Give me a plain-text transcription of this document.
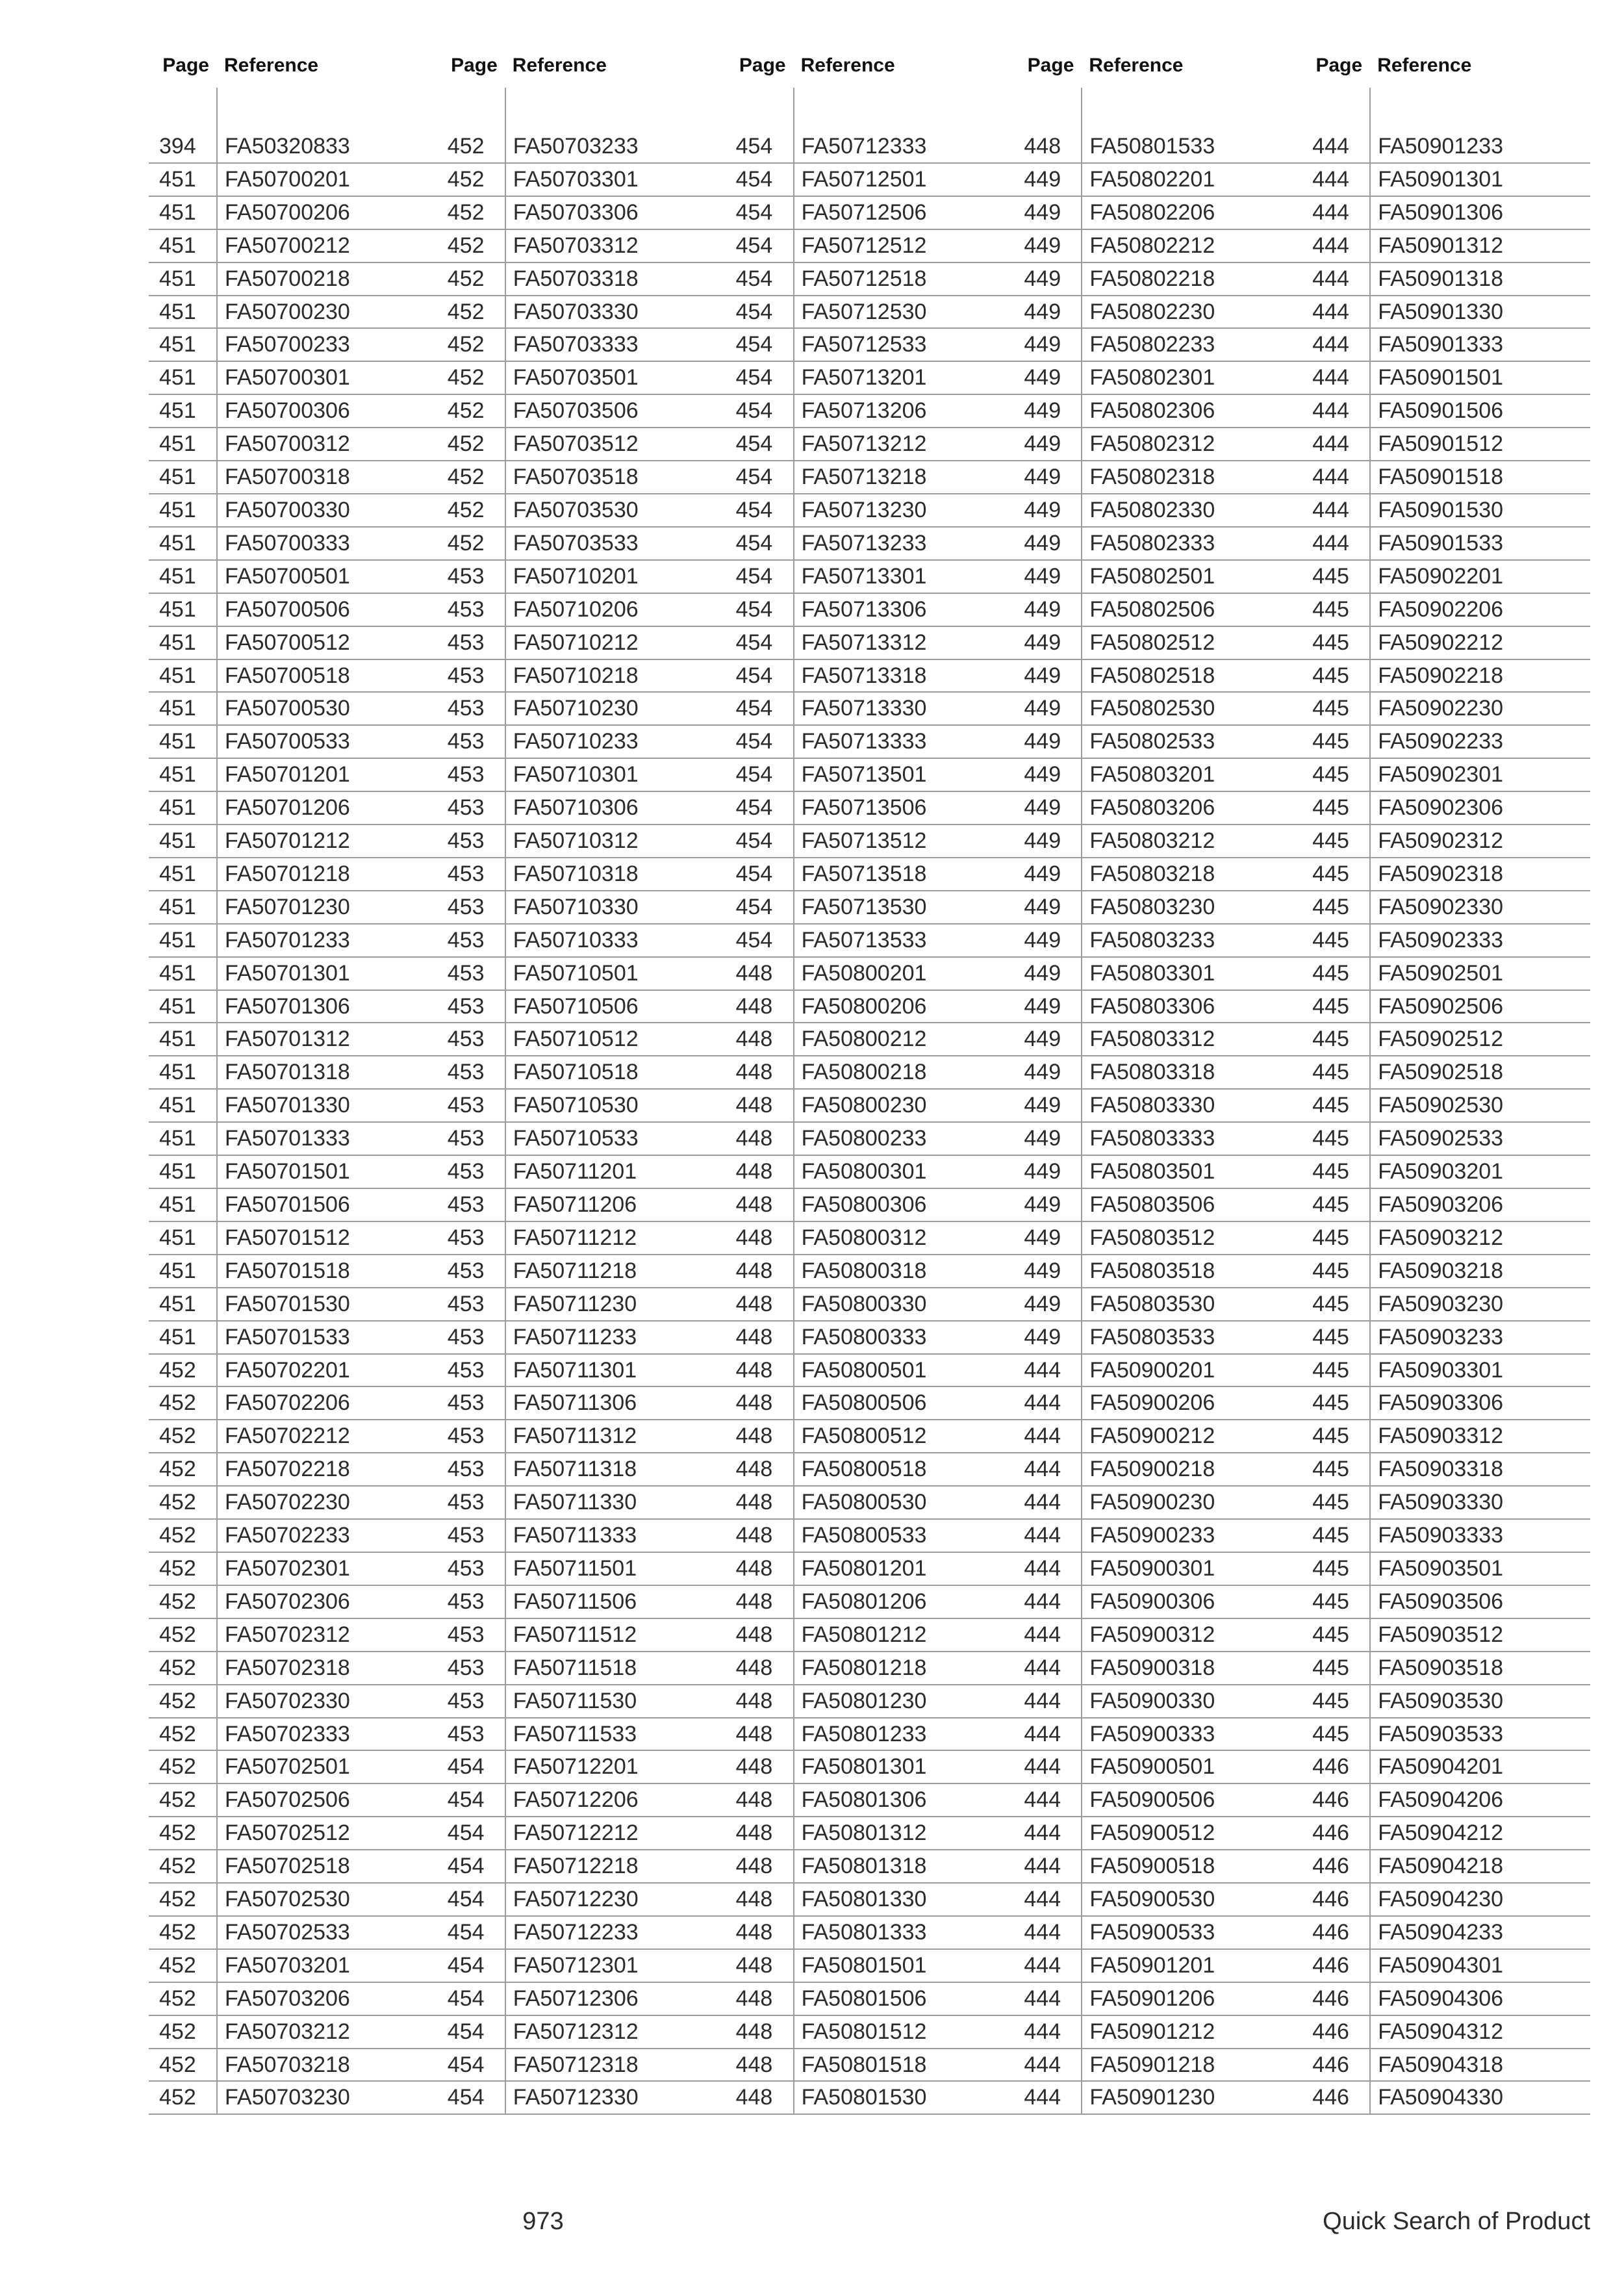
Page Reference
394 FA50320833
451 FA50700201
451 FA50700206
451 FA50700212
451 FA50700218
451 FA50700230
451 FA50700233
451 FA50700301
451 FA50700306
451 FA50700312
451 FA50700318
451 FA50700330
451 FA50700333
451 FA50700501
451 FA50700506
451 FA50700512
451 FA50700518
451 FA50700530
451 FA50700533
451 FA50701201
451 FA50701206
451 FA50701212
451 FA50701218
451 FA50701230
451 FA50701233
451 FA50701301
451 FA50701306
451 FA50701312
451 FA50701318
451 FA50701330
451 FA50701333
451 FA50701501
451 FA50701506
451 FA50701512
451 FA50701518
451 FA50701530
451 FA50701533
452 FA50702201
452 FA50702206
452 FA50702212
452 FA50702218
452 FA50702230
452 FA50702233
452 FA50702301
452 FA50702306
452 FA50702312
452 FA50702318
452 FA50702330
452 FA50702333
452 FA50702501
452 FA50702506
452 FA50702512
452 FA50702518
452 FA50702530
452 FA50702533
452 FA50703201
452 FA50703206
452 FA50703212
452 FA50703218
452 FA50703230
Page Reference
452 FA50703233
452 FA50703301
452 FA50703306
452 FA50703312
452 FA50703318
452 FA50703330
452 FA50703333
452 FA50703501
452 FA50703506
452 FA50703512
452 FA50703518
452 FA50703530
452 FA50703533
453 FA50710201
453 FA50710206
453 FA50710212
453 FA50710218
453 FA50710230
453 FA50710233
453 FA50710301
453 FA50710306
453 FA50710312
453 FA50710318
453 FA50710330
453 FA50710333
453 FA50710501
453 FA50710506
453 FA50710512
453 FA50710518
453 FA50710530
453 FA50710533
453 FA50711201
453 FA50711206
453 FA50711212
453 FA50711218
453 FA50711230
453 FA50711233
453 FA50711301
453 FA50711306
453 FA50711312
453 FA50711318
453 FA50711330
453 FA50711333
453 FA50711501
453 FA50711506
453 FA50711512
453 FA50711518
453 FA50711530
453 FA50711533
454 FA50712201
454 FA50712206
454 FA50712212
454 FA50712218
454 FA50712230
454 FA50712233
454 FA50712301
454 FA50712306
454 FA50712312
454 FA50712318
454 FA50712330
Page Reference
454 FA50712333
454 FA50712501
454 FA50712506
454 FA50712512
454 FA50712518
454 FA50712530
454 FA50712533
454 FA50713201
454 FA50713206
454 FA50713212
454 FA50713218
454 FA50713230
454 FA50713233
454 FA50713301
454 FA50713306
454 FA50713312
454 FA50713318
454 FA50713330
454 FA50713333
454 FA50713501
454 FA50713506
454 FA50713512
454 FA50713518
454 FA50713530
454 FA50713533
448 FA50800201
448 FA50800206
448 FA50800212
448 FA50800218
448 FA50800230
448 FA50800233
448 FA50800301
448 FA50800306
448 FA50800312
448 FA50800318
448 FA50800330
448 FA50800333
448 FA50800501
448 FA50800506
448 FA50800512
448 FA50800518
448 FA50800530
448 FA50800533
448 FA50801201
448 FA50801206
448 FA50801212
448 FA50801218
448 FA50801230
448 FA50801233
448 FA50801301
448 FA50801306
448 FA50801312
448 FA50801318
448 FA50801330
448 FA50801333
448 FA50801501
448 FA50801506
448 FA50801512
448 FA50801518
448 FA50801530
Page Reference
448 FA50801533
449 FA50802201
449 FA50802206
449 FA50802212
449 FA50802218
449 FA50802230
449 FA50802233
449 FA50802301
449 FA50802306
449 FA50802312
449 FA50802318
449 FA50802330
449 FA50802333
449 FA50802501
449 FA50802506
449 FA50802512
449 FA50802518
449 FA50802530
449 FA50802533
449 FA50803201
449 FA50803206
449 FA50803212
449 FA50803218
449 FA50803230
449 FA50803233
449 FA50803301
449 FA50803306
449 FA50803312
449 FA50803318
449 FA50803330
449 FA50803333
449 FA50803501
449 FA50803506
449 FA50803512
449 FA50803518
449 FA50803530
449 FA50803533
444 FA50900201
444 FA50900206
444 FA50900212
444 FA50900218
444 FA50900230
444 FA50900233
444 FA50900301
444 FA50900306
444 FA50900312
444 FA50900318
444 FA50900330
444 FA50900333
444 FA50900501
444 FA50900506
444 FA50900512
444 FA50900518
444 FA50900530
444 FA50900533
444 FA50901201
444 FA50901206
444 FA50901212
444 FA50901218
444 FA50901230
Page Reference
444 FA50901233
444 FA50901301
444 FA50901306
444 FA50901312
444 FA50901318
444 FA50901330
444 FA50901333
444 FA50901501
444 FA50901506
444 FA50901512
444 FA50901518
444 FA50901530
444 FA50901533
445 FA50902201
445 FA50902206
445 FA50902212
445 FA50902218
445 FA50902230
445 FA50902233
445 FA50902301
445 FA50902306
445 FA50902312
445 FA50902318
445 FA50902330
445 FA50902333
445 FA50902501
445 FA50902506
445 FA50902512
445 FA50902518
445 FA50902530
445 FA50902533
445 FA50903201
445 FA50903206
445 FA50903212
445 FA50903218
445 FA50903230
445 FA50903233
445 FA50903301
445 FA50903306
445 FA50903312
445 FA50903318
445 FA50903330
445 FA50903333
445 FA50903501
445 FA50903506
445 FA50903512
445 FA50903518
445 FA50903530
445 FA50903533
446 FA50904201
446 FA50904206
446 FA50904212
446 FA50904218
446 FA50904230
446 FA50904233
446 FA50904301
446 FA50904306
446 FA50904312
446 FA50904318
446 FA50904330
973	Quick Search of Product
